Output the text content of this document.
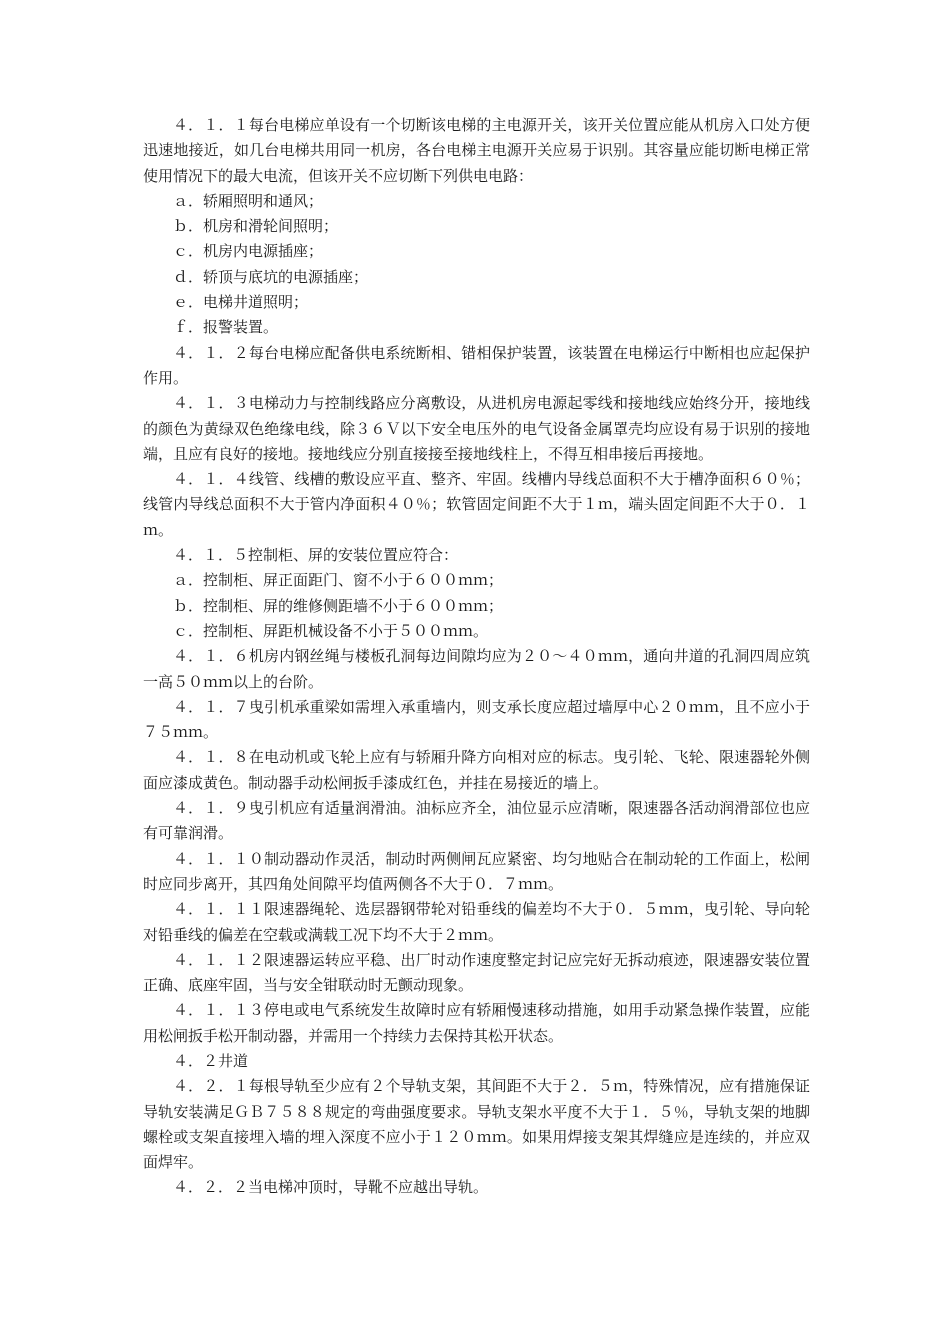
４．１．１每台电梯应单设有一个切断该电梯的主电源开关，该开关位置应能从机房入口处方便迅速地接近，如几台电梯共用同一机房，各台电梯主电源开关应易于识别。其容量应能切断电梯正常使用情况下的最大电流，但该开关不应切断下列供电电路：

ａ．轿厢照明和通风；

ｂ．机房和滑轮间照明；

ｃ．机房内电源插座；

ｄ．轿顶与底坑的电源插座；

ｅ．电梯井道照明；

ｆ．报警装置。

４．１．２每台电梯应配备供电系统断相、错相保护装置，该装置在电梯运行中断相也应起保护作用。

４．１．３电梯动力与控制线路应分离敷设，从进机房电源起零线和接地线应始终分开，接地线的颜色为黄绿双色绝缘电线，除３６Ｖ以下安全电压外的电气设备金属罩壳均应设有易于识别的接地端，且应有良好的接地。接地线应分别直接接至接地线柱上，不得互相串接后再接地。

４．１．４线管、线槽的敷设应平直、整齐、牢固。线槽内导线总面积不大于槽净面积６０％；线管内导线总面积不大于管内净面积４０％；软管固定间距不大于１ｍ，端头固定间距不大于０．１ｍ。

４．１．５控制柜、屏的安装位置应符合：

ａ．控制柜、屏正面距门、窗不小于６００ｍｍ；

ｂ．控制柜、屏的维修侧距墙不小于６００ｍｍ；

ｃ．控制柜、屏距机械设备不小于５００ｍｍ。

４．１．６机房内钢丝绳与楼板孔洞每边间隙均应为２０～４０ｍｍ，通向井道的孔洞四周应筑一高５０ｍｍ以上的台阶。

４．１．７曳引机承重梁如需埋入承重墙内，则支承长度应超过墙厚中心２０ｍｍ，且不应小于７５ｍｍ。

４．１．８在电动机或飞轮上应有与轿厢升降方向相对应的标志。曳引轮、飞轮、限速器轮外侧面应漆成黄色。制动器手动松闸扳手漆成红色，并挂在易接近的墙上。

４．１．９曳引机应有适量润滑油。油标应齐全，油位显示应清晰，限速器各活动润滑部位也应有可靠润滑。

４．１．１０制动器动作灵活，制动时两侧闸瓦应紧密、均匀地贴合在制动轮的工作面上，松闸时应同步离开，其四角处间隙平均值两侧各不大于０．７ｍｍ。

４．１．１１限速器绳轮、选层器钢带轮对铅垂线的偏差均不大于０．５ｍｍ，曳引轮、导向轮对铅垂线的偏差在空载或满载工况下均不大于２ｍｍ。

４．１．１２限速器运转应平稳、出厂时动作速度整定封记应完好无拆动痕迹，限速器安装位置正确、底座牢固，当与安全钳联动时无颤动现象。

４．１．１３停电或电气系统发生故障时应有轿厢慢速移动措施，如用手动紧急操作装置，应能用松闸扳手松开制动器，并需用一个持续力去保持其松开状态。

４．２井道

４．２．１每根导轨至少应有２个导轨支架，其间距不大于２．５ｍ，特殊情况，应有措施保证导轨安装满足ＧＢ７５８８规定的弯曲强度要求。导轨支架水平度不大于１．５％，导轨支架的地脚螺栓或支架直接埋入墙的埋入深度不应小于１２０ｍｍ。如果用焊接支架其焊缝应是连续的，并应双面焊牢。

４．２．２当电梯冲顶时，导靴不应越出导轨。
